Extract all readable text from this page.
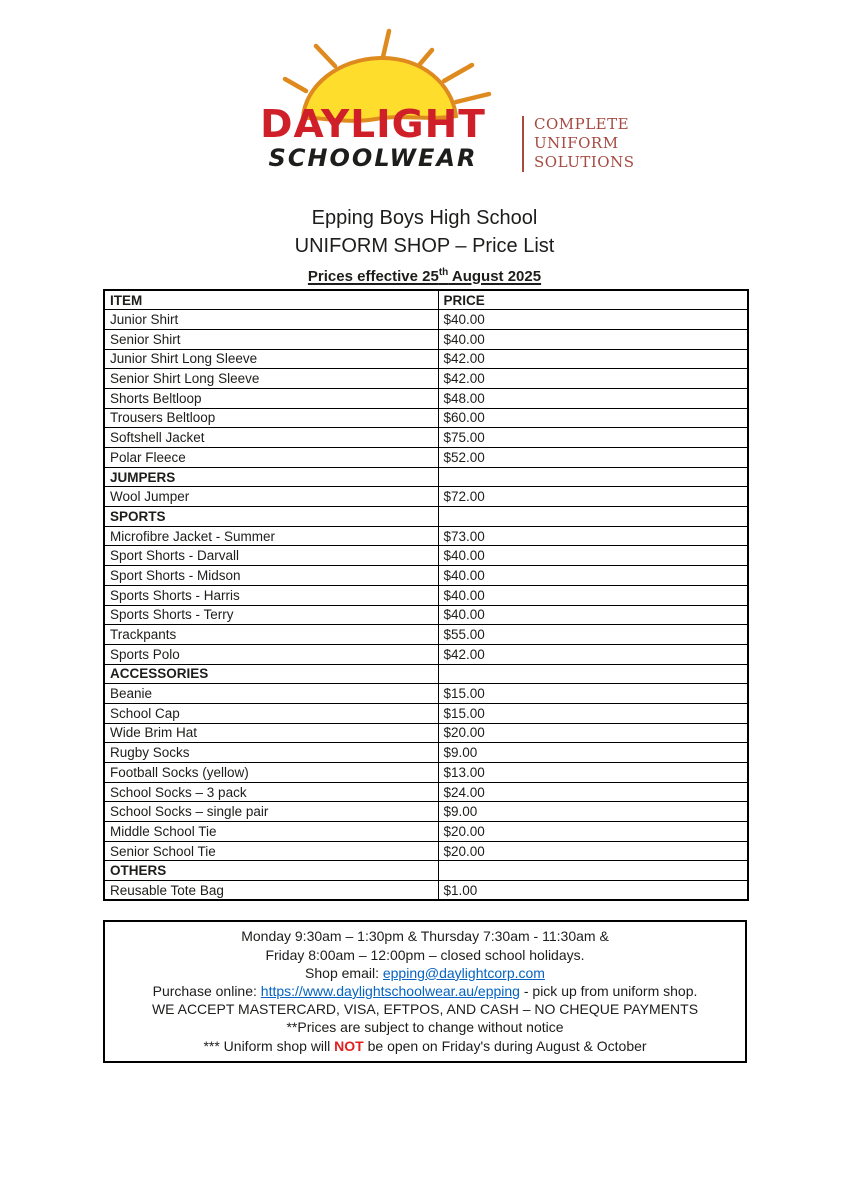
DAYLIGHT
SCHOOLWEAR
COMPLETE
UNIFORM
SOLUTIONS
Epping Boys High School
UNIFORM SHOP – Price List
Prices effective 25th August 2025
ITEM	PRICE
Junior Shirt	$40.00
Senior Shirt	$40.00
Junior Shirt Long Sleeve	$42.00
Senior Shirt Long Sleeve	$42.00
Shorts Beltloop	$48.00
Trousers Beltloop	$60.00
Softshell Jacket	$75.00
Polar Fleece	$52.00
JUMPERS	
Wool Jumper	$72.00
SPORTS	
Microfibre Jacket - Summer	$73.00
Sport Shorts - Darvall	$40.00
Sport Shorts - Midson	$40.00
Sports Shorts - Harris	$40.00
Sports Shorts - Terry	$40.00
Trackpants	$55.00
Sports Polo	$42.00
ACCESSORIES	
Beanie	$15.00
School Cap	$15.00
Wide Brim Hat	$20.00
Rugby Socks	$9.00
Football Socks (yellow)	$13.00
School Socks – 3 pack	$24.00
School Socks – single pair	$9.00
Middle School Tie	$20.00
Senior School Tie	$20.00
OTHERS	
Reusable Tote Bag	$1.00
Monday 9:30am – 1:30pm & Thursday 7:30am - 11:30am &
Friday 8:00am – 12:00pm – closed school holidays.
Shop email: epping@daylightcorp.com
Purchase online: https://www.daylightschoolwear.au/epping - pick up from uniform shop.
WE ACCEPT MASTERCARD, VISA, EFTPOS, AND CASH – NO CHEQUE PAYMENTS
**Prices are subject to change without notice
*** Uniform shop will NOT be open on Friday's during August & October
